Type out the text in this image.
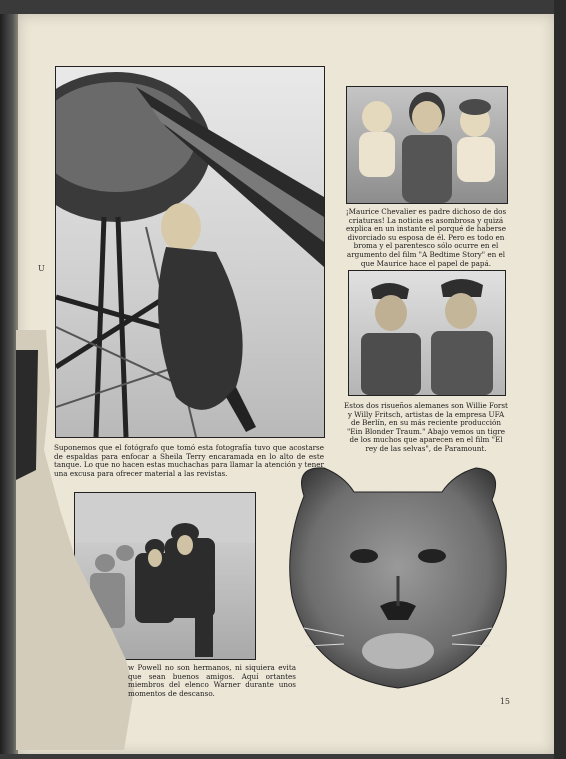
U

Suponemos que el fotógrafo que tomó esta fotografía tuvo que acostarse de espaldas para enfocar a Sheila Terry encaramada en lo alto de este tanque. Lo que no hacen estas muchachas para llamar la atención y tener una excusa para ofrecer material a las revistas.

w Powell no son hermanos, ni siquiera evita que sean buenos amigos. Aquí ortantes miembros del elenco Warner durante unos momentos de descanso.

¡Maurice Chevalier es padre dichoso de dos criaturas! La noticia es asombrosa y quizá explica en un instante el porqué de haberse divorciado su esposa de él. Pero es todo en broma y el parentesco sólo ocurre en el argumento del film "A Bedtime Story" en el que Maurice hace el papel de papá.

Estos dos risueños alemanes son Willie Forst y Willy Fritsch, artistas de la empresa UFA de Berlín, en su más reciente producción "Ein Blonder Traum." Abajo vemos un tigre de los muchos que aparecen en el film "El rey de las selvas", de Paramount.

15
